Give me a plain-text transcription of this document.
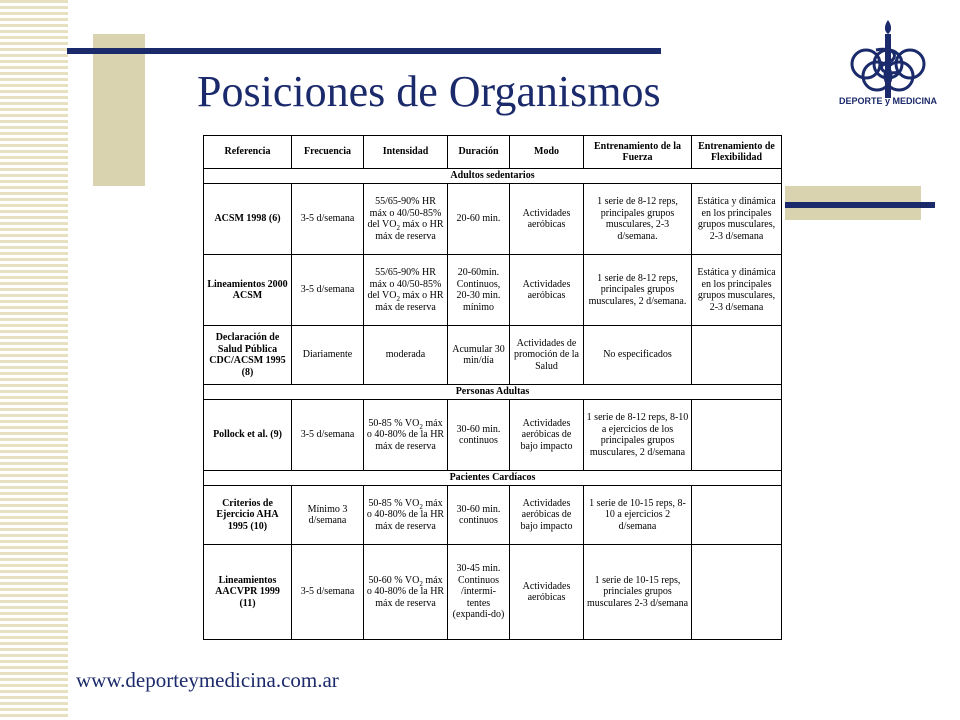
Posiciones de Organismos	DEPORTE y MEDICINA
Referencia	Frecuencia	Intensidad	Duración	Modo	Entrenamiento de la Fuerza	Entrenamiento de Flexibilidad
Adultos sedentarios						
ACSM 1998 (6)	3-5 d/semana	55/65-90% HR máx o 40/50-85% del $VO_2$ máx o HR máx de reserva	20-60 min.	Actividades aeróbicas	1 serie de 8-12 reps, principales grupos musculares, 2-3 d/semana.	Estática y dinámica en los principales grupos musculares, 2-3 d/semana
Lineamientos 2000 ACSM	3-5 d/semana	55/65-90% HR máx o 40/50-85% del $VO_2$ máx o HR máx de reserva	20-60min. Continuos, 20-30 min. mínimo	Actividades aeróbicas	1 serie de 8-12 reps, principales grupos musculares, 2 d/semana.	Estática y dinámica en los principales grupos musculares, 2-3 d/semana
Declaración de Salud Pública CDC/ACSM 1995 (8)	Diariamente	moderada	Acumular 30 min/día	Actividades de promoción de la Salud	No especificados	
Personas Adultas						
Pollock et al. (9)	3-5 d/semana	50-85 % $VO_2$ máx o 40-80% de la HR máx de reserva	30-60 min. continuos	Actividades aeróbicas de bajo impacto	1 serie de 8-12 reps, 8-10 a ejercicios de los principales grupos musculares, 2 d/semana	
Pacientes Cardíacos						
Criterios de Ejercicio AHA 1995 (10)	Mínimo 3 d/semana	50-85 % $VO_2$ máx o 40-80% de la HR máx de reserva	30-60 min. continuos	Actividades aeróbicas de bajo impacto	1 serie de 10-15 reps, 8-10 a ejercicios 2 d/semana	
Lineamientos AACVPR 1999 (11)	3-5 d/semana	50-60 % $VO_2$ máx o 40-80% de la HR máx de reserva	30-45 min. Continuos /intermi-tentes (expandi-do)	Actividades aeróbicas	1 serie de 10-15 reps, princiales grupos musculares 2-3 d/semana	
www.deporteymedicina.com.ar
